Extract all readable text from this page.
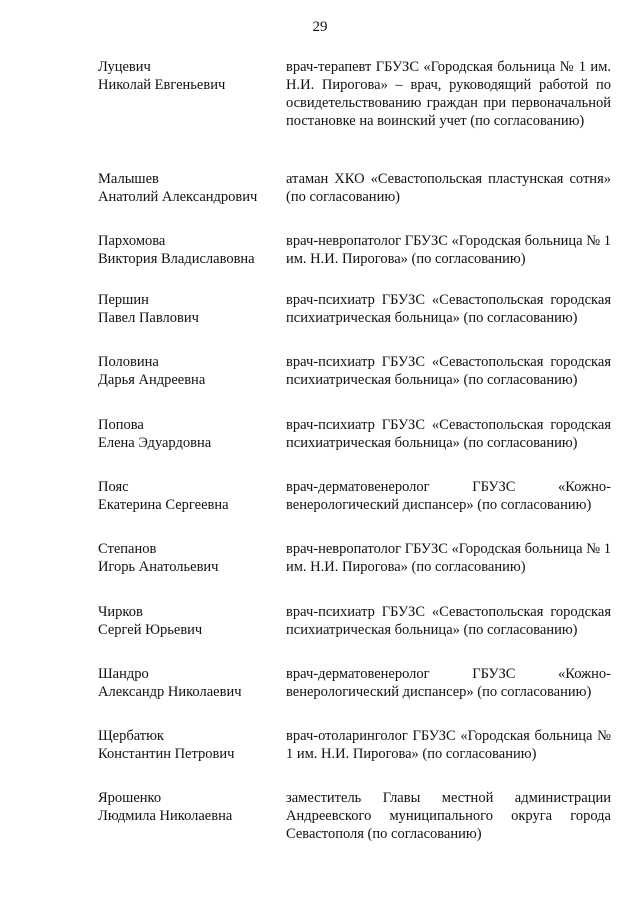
29
Луцевич
Николай Евгеньевич
врач-терапевт ГБУЗС «Городская больница № 1 им. Н.И. Пирогова» – врач, руководящий работой по освидетельствованию граждан при первоначальной постановке на воинский учет (по согласованию)
Малышев
Анатолий Александрович
атаман ХКО «Севастопольская пластунская сотня» (по согласованию)
Пархомова
Виктория Владиславовна
врач-невропатолог ГБУЗС «Городская больница № 1 им. Н.И. Пирогова» (по согласованию)
Першин
Павел Павлович
врач-психиатр ГБУЗС «Севастопольская городская психиатрическая больница» (по согласованию)
Половина
Дарья Андреевна
врач-психиатр ГБУЗС «Севастопольская городская психиатрическая больница» (по согласованию)
Попова
Елена Эдуардовна
врач-психиатр ГБУЗС «Севастопольская городская психиатрическая больница» (по согласованию)
Пояс
Екатерина Сергеевна
врач-дерматовенеролог ГБУЗС «Кожно-венерологический диспансер» (по согласованию)
Степанов
Игорь Анатольевич
врач-невропатолог ГБУЗС «Городская больница № 1 им. Н.И. Пирогова» (по согласованию)
Чирков
Сергей Юрьевич
врач-психиатр ГБУЗС «Севастопольская городская психиатрическая больница» (по согласованию)
Шандро
Александр Николаевич
врач-дерматовенеролог ГБУЗС «Кожно-венерологический диспансер» (по согласованию)
Щербатюк
Константин Петрович
врач-отоларинголог ГБУЗС «Городская больница № 1 им. Н.И. Пирогова» (по согласованию)
Ярошенко
Людмила Николаевна
заместитель Главы местной администрации Андреевского муниципального округа города Севастополя (по согласованию)
